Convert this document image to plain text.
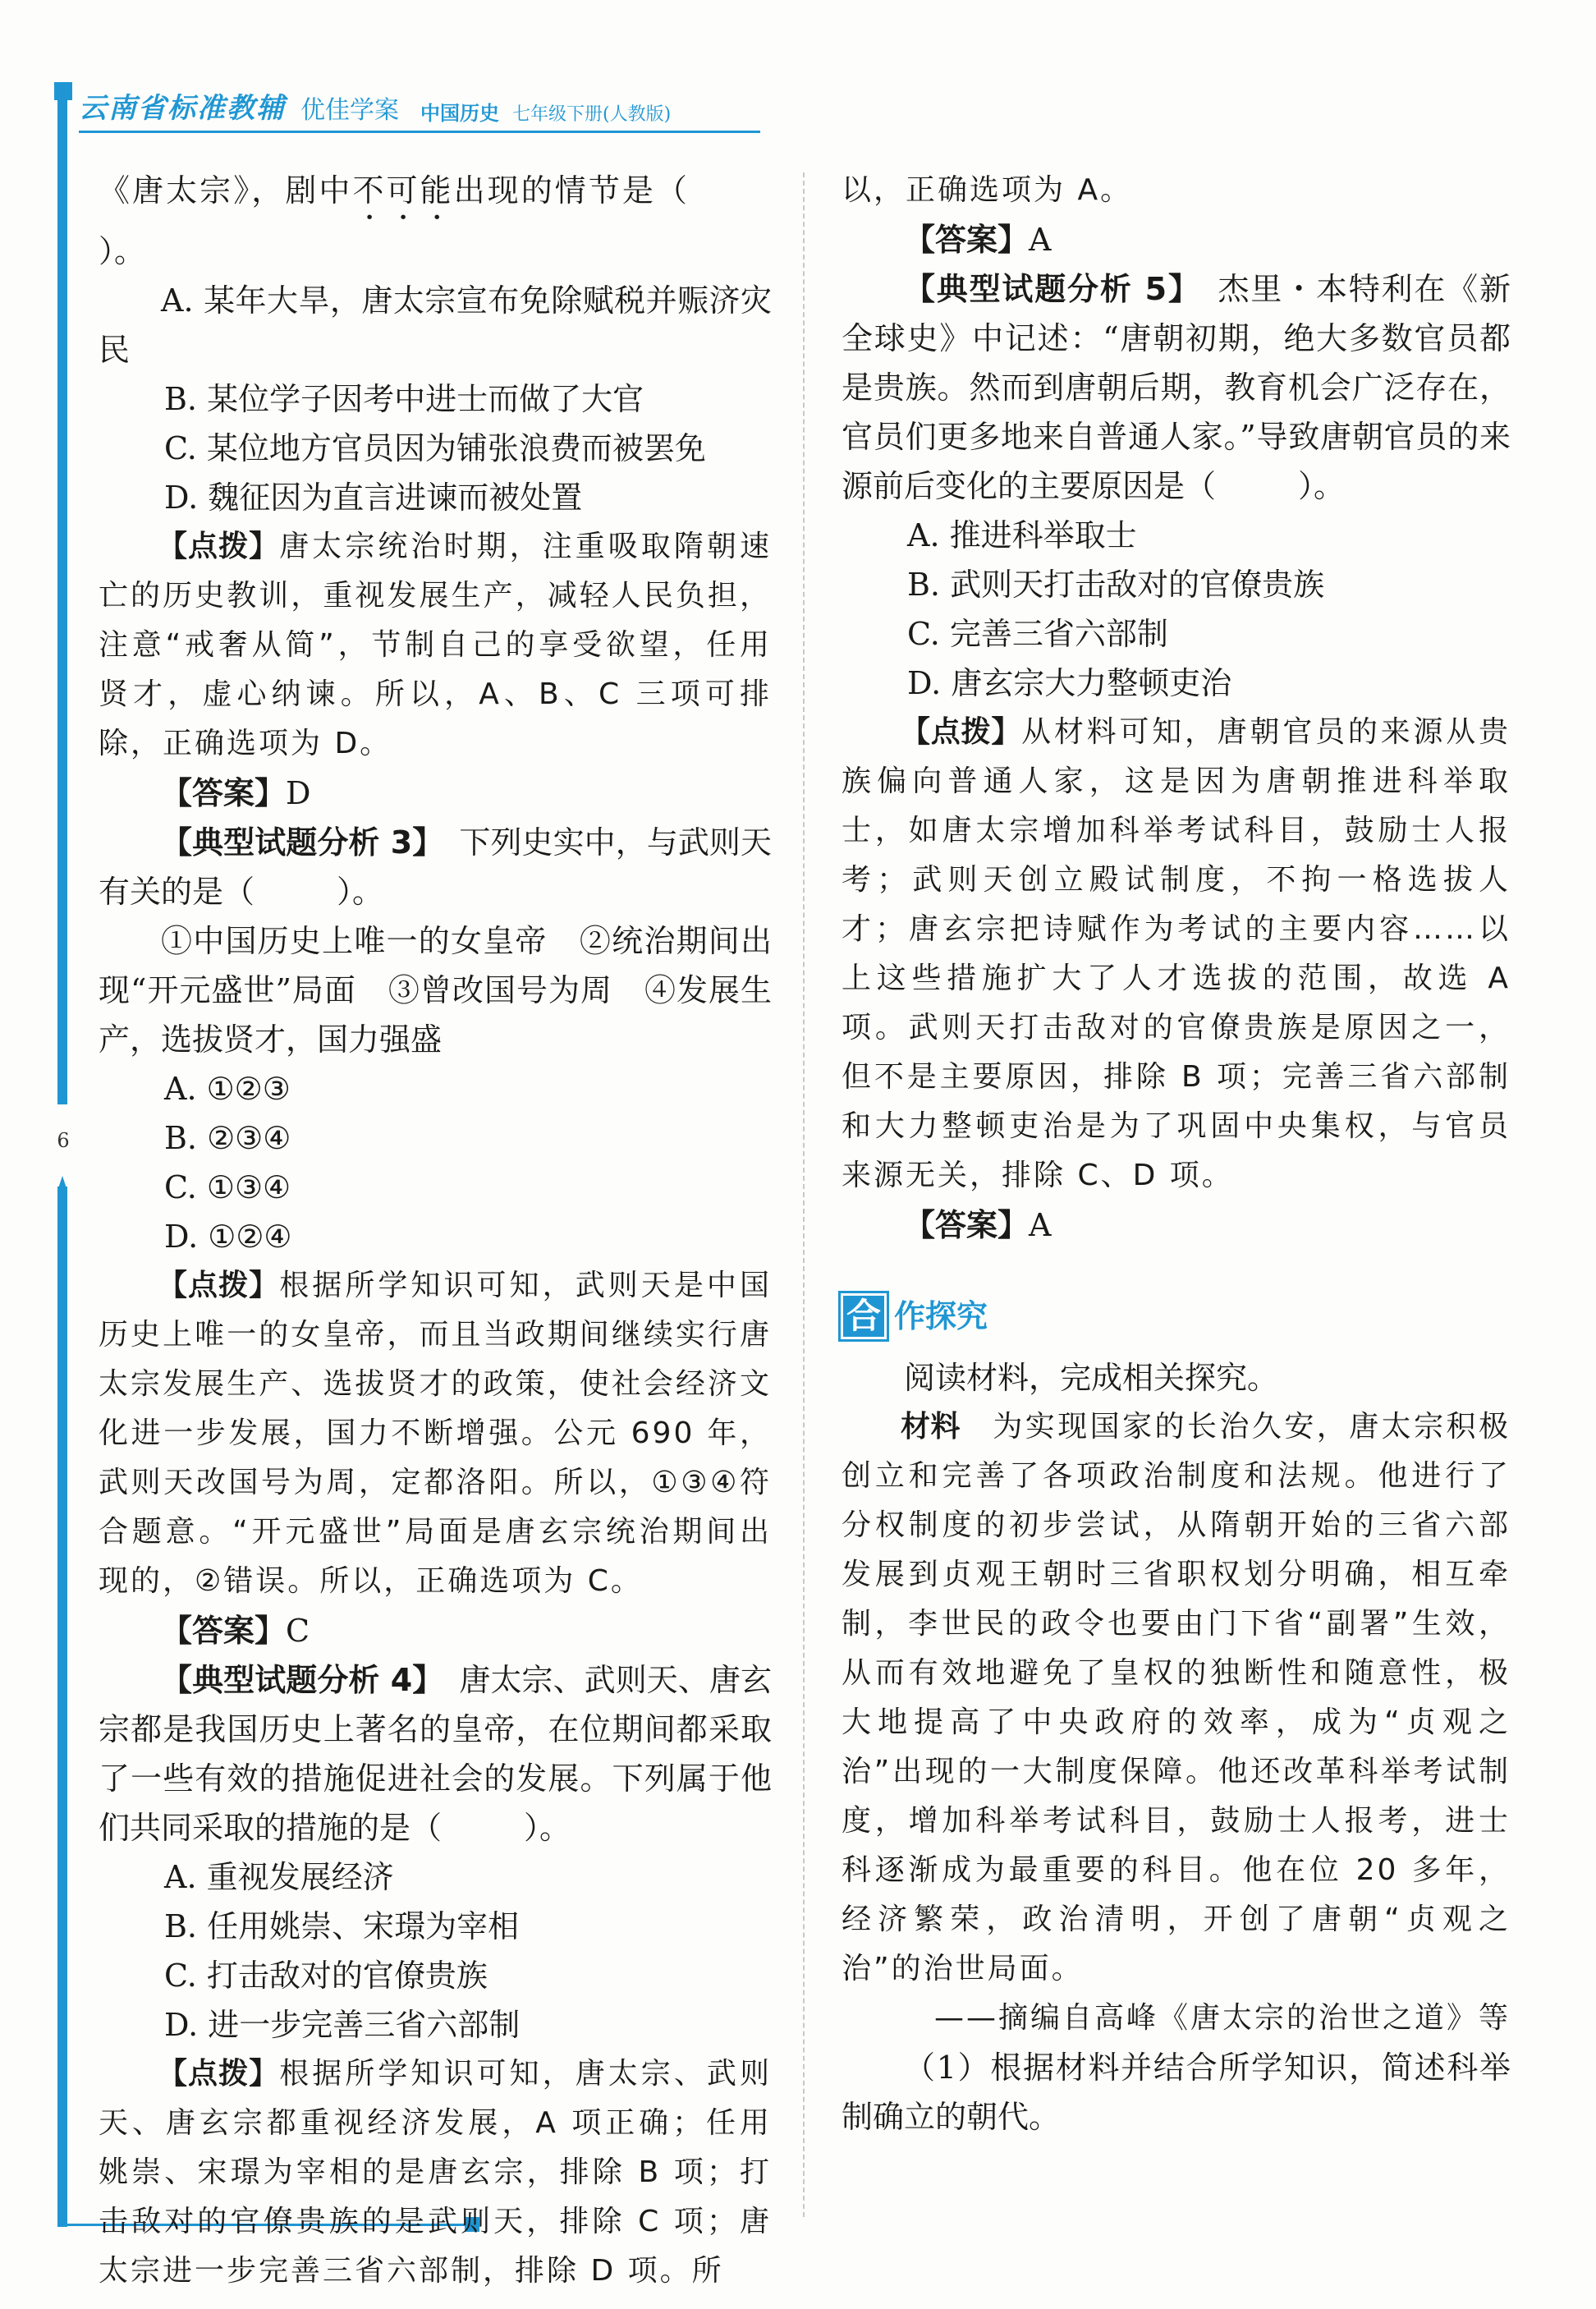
6
云南省标准教辅 优佳学案 中国历史 七年级下册(人教版)

《唐太宗》，剧中不可能出现的情节是（）。

A. 某年大旱，唐太宗宣布免除赋税并赈济灾民

B. 某位学子因考中进士而做了大官

C. 某位地方官员因为铺张浪费而被罢免

D. 魏征因为直言进谏而被处置

【点拨】唐太宗统治时期，注重吸取隋朝速亡的历史教训，重视发展生产，减轻人民负担，注意“戒奢从简”，节制自己的享受欲望，任用贤才，虚心纳谏。所以，A、B、C 三项可排除，正确选项为 D。

【答案】D

【典型试题分析 3】　 下列史实中，与武则天有关的是（	）。

①中国历史上唯一的女皇帝　②统治期间出现“开元盛世”局面　③曾改国号为周　④发展生产，选拔贤才，国力强盛

A. ①②③

B. ②③④

C. ①③④

D. ①②④

【点拨】根据所学知识可知，武则天是中国历史上唯一的女皇帝，而且当政期间继续实行唐太宗发展生产、选拔贤才的政策，使社会经济文化进一步发展，国力不断增强。公元 690 年，武则天改国号为周，定都洛阳。所以，①③④符合题意。“开元盛世”局面是唐玄宗统治期间出现的，②错误。所以，正确选项为 C。

【答案】C

【典型试题分析 4】　 唐太宗、武则天、唐玄宗都是我国历史上著名的皇帝，在位期间都采取了一些有效的措施促进社会的发展。下列属于他们共同采取的措施的是（	）。

A. 重视发展经济

B. 任用姚崇、宋璟为宰相

C. 打击敌对的官僚贵族

D. 进一步完善三省六部制

【点拨】根据所学知识可知，唐太宗、武则天、唐玄宗都重视经济发展，A 项正确；任用姚崇、宋璟为宰相的是唐玄宗，排除 B 项；打击敌对的官僚贵族的是武则天，排除 C 项；唐太宗进一步完善三省六部制，排除 D 项。所

以，正确选项为 A。

【答案】A

【典型试题分析 5】　 杰里・本特利在《新全球史》中记述：“唐朝初期，绝大多数官员都是贵族。然而到唐朝后期，教育机会广泛存在，官员们更多地来自普通人家。”导致唐朝官员的来源前后变化的主要原因是（	）。

A. 推进科举取士

B. 武则天打击敌对的官僚贵族

C. 完善三省六部制

D. 唐玄宗大力整顿吏治

【点拨】从材料可知，唐朝官员的来源从贵族偏向普通人家，这是因为唐朝推进科举取士，如唐太宗增加科举考试科目，鼓励士人报考；武则天创立殿试制度，不拘一格选拔人才；唐玄宗把诗赋作为考试的主要内容……以上这些措施扩大了人才选拔的范围，故选 A 项。武则天打击敌对的官僚贵族是原因之一，但不是主要原因，排除 B 项；完善三省六部制和大力整顿吏治是为了巩固中央集权，与官员来源无关，排除 C、D 项。

【答案】A

合 作探究

阅读材料，完成相关探究。

材料　 为实现国家的长治久安，唐太宗积极创立和完善了各项政治制度和法规。他进行了分权制度的初步尝试，从隋朝开始的三省六部发展到贞观王朝时三省职权划分明确，相互牵制，李世民的政令也要由门下省“副署”生效，从而有效地避免了皇权的独断性和随意性，极大地提高了中央政府的效率，成为“贞观之治”出现的一大制度保障。他还改革科举考试制度，增加科举考试科目，鼓励士人报考，进士科逐渐成为最重要的科目。他在位 20 多年，经济繁荣，政治清明，开创了唐朝“贞观之治”的治世局面。

——摘编自高峰《唐太宗的治世之道》等

（1）根据材料并结合所学知识，简述科举制确立的朝代。
